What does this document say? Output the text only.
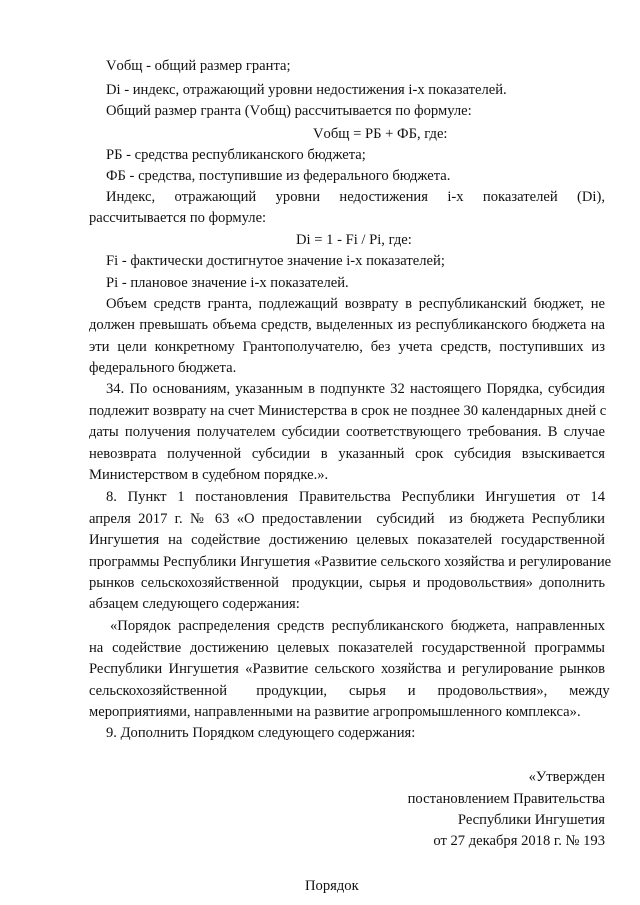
Vобщ - общий размер гранта;
Di - индекс, отражающий уровни недостижения i-х показателей.
Общий размер гранта (Vобщ) рассчитывается по формуле:
Vобщ = РБ + ФБ, где:
РБ - средства республиканского бюджета;
ФБ - средства, поступившие из федерального бюджета.
Индекс, отражающий уровни недостижения i-х показателей (Di),
рассчитывается по формуле:
Di = 1 - Fi / Pi, где:
Fi - фактически достигнутое значение i-х показателей;
Pi - плановое значение i-х показателей.
Объем средств гранта, подлежащий возврату в республиканский бюджет, не
должен превышать объема средств, выделенных из республиканского бюджета на
эти цели конкретному Грантополучателю, без учета средств, поступивших из
федерального бюджета.
34. По основаниям, указанным в подпункте 32 настоящего Порядка, субсидия
подлежит возврату на счет Министерства в срок не позднее 30 календарных дней с
даты получения получателем субсидии соответствующего требования. В случае
невозврата полученной субсидии в указанный срок субсидия взыскивается
Министерством в судебном порядке.».
8. Пункт 1 постановления Правительства Республики Ингушетия от 14
апреля 2017 г. № 63 «О предоставлении  субсидий  из бюджета Республики
Ингушетия на содействие достижению целевых показателей государственной
программы Республики Ингушетия «Развитие сельского хозяйства и регулирование
рынков сельскохозяйственной  продукции, сырья и продовольствия» дополнить
абзацем следующего содержания:
«Порядок распределения средств республиканского бюджета, направленных
на содействие достижению целевых показателей государственной программы
Республики Ингушетия «Развитие сельского хозяйства и регулирование рынков
сельскохозяйственной        продукции,      сырья      и      продовольствия»,      между
мероприятиями, направленными на развитие агропромышленного комплекса».
9. Дополнить Порядком следующего содержания:
«Утвержден
постановлением Правительства
Республики Ингушетия
от 27 декабря 2018 г. № 193
Порядок
